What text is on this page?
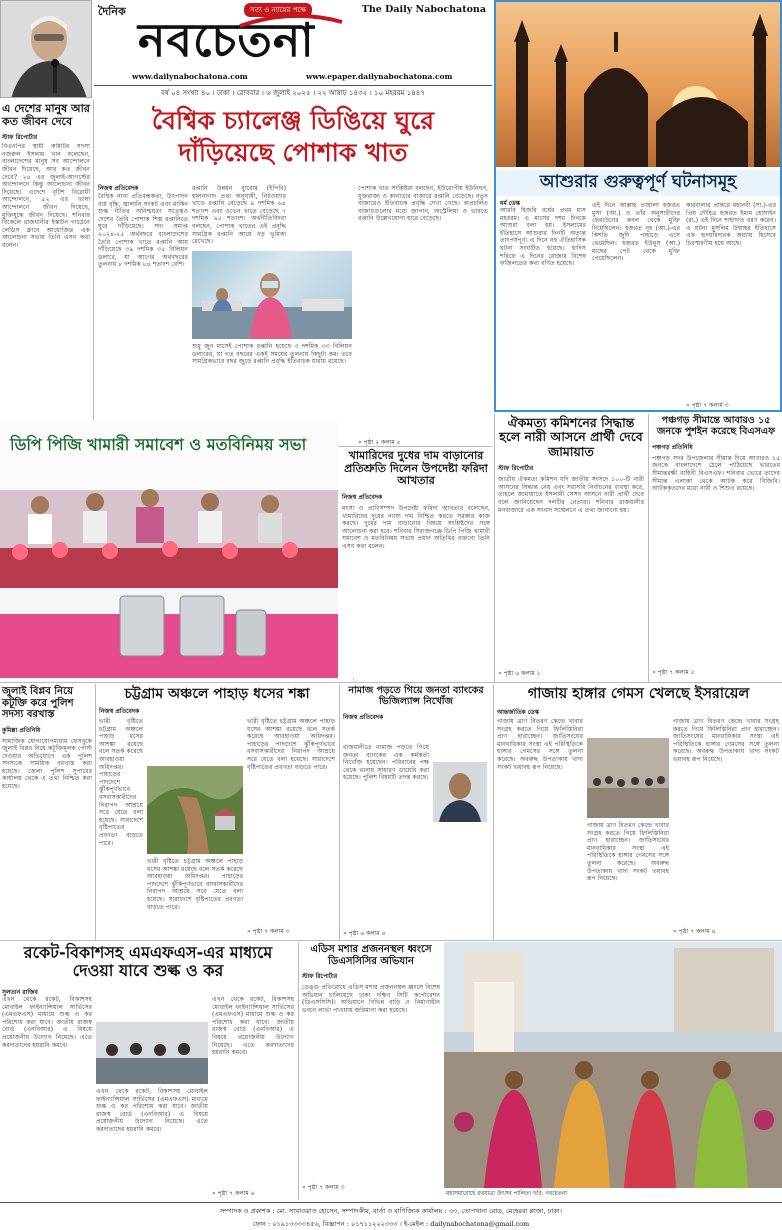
দৈনিক	সত্য ও ন্যায়ের পক্ষে	The Daily Nabochatona
নবচেতনা
www.dailynabochatona.com	www.epaper.dailynabochatona.com
বর্ষ ০৪ সংখ্যা ৪০ । ঢাকা । রোববার । ৬ জুলাই ২০২৫ । ২২ আষাঢ় ১৪৩২ । ১০ মহররম ১৪৪৭
এ দেশের মানুষ আর কত জীবন দেবে
স্টাফ রিপোর্টার
বিএনপির স্থায়ী কমিটির সদস্য নজরুল ইসলাম খান বলেছেন, বাংলাদেশের মানুষ সব আন্দোলনে জীবন দিয়েছে, আর কত জীবন দেবে? ২৪ এর জুলাই-আগস্টের আন্দোলনে কিন্তু আলোচনা জীবন দিয়েছে। এদেশে বৃটিশ বিরোধী আন্দোলনে, ৫২ এর ভাষা আন্দোলনে জীবন দিয়েছে, মুক্তিযুদ্ধে জীবন দিয়েছে। শনিবার বিকেলে রাজধানীর ইস্কাটন গার্ডেনে লেডিস ক্লাবে আয়োজিত এক আলোচনা সভায় তিনি এসব কথা বলেন।
বৈশ্বিক চ্যালেঞ্জ ডিঙিয়ে ঘুরে দাঁড়িয়েছে পোশাক খাত
নিজস্ব প্রতিবেদক
বৈশ্বিক নানা প্রতিবন্ধকতা, উৎপাদন ব্যয় বৃদ্ধি, জ্বালানি সংকট এবং মার্কিন শুল্ক নীতির অনিশ্চয়তা সত্ত্বেও দেশের তৈরি পোশাক শিল্প রপ্তানিতে ঘুরে দাঁড়িয়েছে। সদ্য সমাপ্ত ২০২৪-২৫ অর্থবছরে বাংলাদেশের তৈরি পোশাক খাতে রপ্তানি আয় দাঁড়িয়েছে ৩৯ দশমিক ৩৫ বিলিয়ন ডলারে, যা আগের অর্থবছরের তুলনায় ৮ দশমিক ৮৪ শতাংশ বেশি।
রপ্তানি উন্নয়ন ব্যুরোর (ইপিবি) হালনাগাদ তথ্য অনুযায়ী, নিটওয়্যার খাতে রপ্তানি বেড়েছে ৯ দশমিক ৬৪ শতাংশ এবং ওভেন খাতে বেড়েছে ৭ দশমিক ৯৫ শতাংশ। অর্থনীতিবিদরা বলছেন, পোশাক খাতের এই প্রবৃদ্ধি সামগ্রিক রপ্তানি আয়ে বড় ভূমিকা রেখেছে।
শুধু জুন মাসেই পোশাক রপ্তানি হয়েছে ৩ দশমিক ৩৩ বিলিয়ন ডলারের, যা গত বছরের একই সময়ের তুলনায় কিছুটা কম। তবে সামগ্রিকভাবে বছর জুড়ে রপ্তানি প্রবৃদ্ধি ইতিবাচক ধারায় রয়েছে।
পোশাক খাত সংশ্লিষ্টরা বলছেন, ইউরোপীয় ইউনিয়ন, যুক্তরাজ্য ও কানাডার বাজারে রপ্তানি বেড়েছে। নতুন বাজারেও ইতিবাচক প্রবৃদ্ধি দেখা গেছে। অপ্রচলিত বাজারগুলোর মধ্যে জাপান, অস্ট্রেলিয়া ও ভারতে রপ্তানি উল্লেখযোগ্য হারে বেড়েছে।
» পৃষ্ঠা ২ কলাম ৫
আশুরার গুরুত্বপূর্ণ ঘটনাসমূহ
ধর্ম ডেস্ক
আরবি হিজরি বর্ষের প্রথম মাস মহররম। এ মাসের দশম দিনকে আশুরা বলা হয়। ইসলামের ইতিহাসে আশুরার দিনটি অত্যন্ত তাৎপর্যপূর্ণ। এ দিনে বহু ঐতিহাসিক ঘটনা সংঘটিত হয়েছে। হাদিস শরিফে এ দিনের রোজার বিশেষ ফজিলতের কথা বর্ণিত হয়েছে।
এই দিনে আল্লাহ তায়ালা হজরত মুসা (আ.) ও তাঁর অনুসারীদের ফেরাউনের কবল থেকে মুক্তি দিয়েছিলেন। হজরত নূহ (আ.)-এর কিশতি জুদি পাহাড়ে এসে থেমেছিল। হজরত ইউনুস (আ.) মাছের পেট থেকে মুক্তি পেয়েছিলেন।
কারবালার প্রান্তরে মহানবী (সা.)-এর প্রিয় দৌহিত্র হজরত ইমাম হোসাইন (রা.) এই দিনে শাহাদাত বরণ করেন। এ ঘটনা মুসলিম উম্মাহর ইতিহাসে এক হৃদয়বিদারক অধ্যায় হিসেবে চিরস্মরণীয় হয়ে আছে।
» পৃষ্ঠা ৭ কলাম ৩
ডিপি পিজি খামারী সমাবেশ ও মতবিনিময় সভা
খামারিদের দুধের দাম বাড়ানোর প্রতিশ্রুতি দিলেন উপদেষ্টা ফরিদা আখতার
নিজস্ব প্রতিবেদক
মৎস্য ও প্রাণিসম্পদ উপদেষ্টা ফরিদা আখতার বলেছেন, খামারিদের দুধের ন্যায্য দাম নিশ্চিত করতে সরকার কাজ করছে। দুধের দাম বাড়ানোর বিষয়ে সংশ্লিষ্টদের সঙ্গে আলোচনা করা হবে। শনিবার সিরাজগঞ্জে ডিপি পিজি খামারী সমাবেশ ও মতবিনিময় সভায় প্রধান অতিথির বক্তব্যে তিনি এসব কথা বলেন।
ঐকমত্য কমিশনের সিদ্ধান্ত হলে নারী আসনে প্রার্থী দেবে জামায়াত
স্টাফ রিপোর্টার
জাতীয় ঐকমত্য কমিশন যদি জাতীয় সংসদে ১০০-টি নারী আসনের সিদ্ধান্ত নেয় এবং সরাসরি নির্বাচনের ব্যবস্থা করে, তাহলে জামায়াতে ইসলামী সেসব আসনে নারী প্রার্থী দেবে বলে জানিয়েছেন দলটির নেতারা। শনিবার রাজধানীর মগবাজারে এক সংবাদ সম্মেলনে এ তথ্য জানানো হয়।
» পৃষ্ঠা ৬ কলাম ১
পঞ্চগড় সীমান্তে আবারও ১৫ জনকে পুশইন করেছে বিএসএফ
পঞ্চগড় প্রতিনিধি
পঞ্চগড় সদর উপজেলার সীমান্ত দিয়ে আবারও ১৫ জনকে বাংলাদেশে ঠেলে পাঠিয়েছে ভারতের সীমান্তরক্ষী বাহিনী বিএসএফ। শনিবার ভোরে তাদের সীমান্ত এলাকা থেকে আটক করে বিজিবি। আটককৃতদের মধ্যে নারী ও শিশুও রয়েছে।
» পৃষ্ঠা ৭ কলাম ৫
জুলাই বিপ্লব নিয়ে কটূক্তি করে পুলিশ সদস্য বরখাস্ত
কুমিল্লা প্রতিনিধি
সামাজিক যোগাযোগমাধ্যম ফেসবুকে জুলাই বিপ্লব নিয়ে কটূক্তিমূলক পোস্ট দেওয়ার অভিযোগে এক পুলিশ সদস্যকে সাময়িক বরখাস্ত করা হয়েছে। জেলা পুলিশ সুপারের কার্যালয় থেকে এ তথ্য নিশ্চিত করা হয়েছে।
চট্টগ্রাম অঞ্চলে পাহাড় ধসের শঙ্কা
নিজস্ব প্রতিবেদক
ভারী বৃষ্টিতে চট্টগ্রাম অঞ্চলে পাহাড় ধসের আশঙ্কা রয়েছে বলে সতর্ক করেছে আবহাওয়া অধিদপ্তর। পাহাড়ের পাদদেশে ঝুঁকিপূর্ণভাবে বসবাসকারীদের নিরাপদ আশ্রয়ে সরে যেতে বলা হয়েছে। সারাদেশে বৃষ্টিপাতের প্রবণতা বাড়তে পারে।
ভারী বৃষ্টিতে চট্টগ্রাম অঞ্চলে পাহাড় ধসের আশঙ্কা রয়েছে বলে সতর্ক করেছে আবহাওয়া অধিদপ্তর। পাহাড়ের পাদদেশে ঝুঁকিপূর্ণভাবে বসবাসকারীদের নিরাপদ আশ্রয়ে সরে যেতে বলা হয়েছে। সারাদেশে বৃষ্টিপাতের প্রবণতা বাড়তে পারে।
ভারী বৃষ্টিতে চট্টগ্রাম অঞ্চলে পাহাড় ধসের আশঙ্কা রয়েছে বলে সতর্ক করেছে আবহাওয়া অধিদপ্তর। পাহাড়ের পাদদেশে ঝুঁকিপূর্ণভাবে বসবাসকারীদের নিরাপদ আশ্রয়ে সরে যেতে বলা হয়েছে। সারাদেশে বৃষ্টিপাতের প্রবণতা বাড়তে পারে।
» পৃষ্ঠা ৭ কলাম ৩
নামাজ পড়তে গিয়ে জনতা ব্যাংকের ভিজিল্যান্স নিখোঁজ
নিজস্ব প্রতিবেদক
রাজধানীতে নামাজ পড়তে গিয়ে জনতা ব্যাংকের এক কর্মকর্তা নিখোঁজ হয়েছেন। পরিবারের পক্ষ থেকে থানায় সাধারণ ডায়েরি করা হয়েছে। পুলিশ বিষয়টি তদন্ত করছে।
» পৃষ্ঠা ৬ কলাম ৪
গাজায় হাঙ্গার গেমস খেলছে ইসরায়েল
আন্তর্জাতিক ডেস্ক
গাজায় ত্রাণ বিতরণ কেন্দ্রে খাবার সংগ্রহ করতে গিয়ে ফিলিস্তিনিরা প্রাণ হারাচ্ছেন। জাতিসংঘের মানবাধিকার সংস্থা এই পরিস্থিতিকে হাঙ্গার গেমসের সঙ্গে তুলনা করেছে। অবরুদ্ধ উপত্যকায় খাদ্য সংকট ভয়াবহ রূপ নিয়েছে।
গাজায় ত্রাণ বিতরণ কেন্দ্রে খাবার সংগ্রহ করতে গিয়ে ফিলিস্তিনিরা প্রাণ হারাচ্ছেন। জাতিসংঘের মানবাধিকার সংস্থা এই পরিস্থিতিকে হাঙ্গার গেমসের সঙ্গে তুলনা করেছে। অবরুদ্ধ উপত্যকায় খাদ্য সংকট ভয়াবহ রূপ নিয়েছে।
গাজায় ত্রাণ বিতরণ কেন্দ্রে খাবার সংগ্রহ করতে গিয়ে ফিলিস্তিনিরা প্রাণ হারাচ্ছেন। জাতিসংঘের মানবাধিকার সংস্থা এই পরিস্থিতিকে হাঙ্গার গেমসের সঙ্গে তুলনা করেছে। অবরুদ্ধ উপত্যকায় খাদ্য সংকট ভয়াবহ রূপ নিয়েছে।
» পৃষ্ঠা ৭ কলাম ৪
রকেট-বিকাশসহ এমএফএস-এর মাধ্যমে দেওয়া যাবে শুল্ক ও কর
সুলতান রাজিব
এখন থেকে রকেট, বিকাশসহ মোবাইল ফাইন্যান্সিয়াল সার্ভিসের (এমএফএস) মাধ্যমে শুল্ক ও কর পরিশোধ করা যাবে। জাতীয় রাজস্ব বোর্ড (এনবিআর) এ বিষয়ে প্রয়োজনীয় উদ্যোগ নিয়েছে। এতে করদাতাদের হয়রানি কমবে।
এখন থেকে রকেট, বিকাশসহ মোবাইল ফাইন্যান্সিয়াল সার্ভিসের (এমএফএস) মাধ্যমে শুল্ক ও কর পরিশোধ করা যাবে। জাতীয় রাজস্ব বোর্ড (এনবিআর) এ বিষয়ে প্রয়োজনীয় উদ্যোগ নিয়েছে। এতে করদাতাদের হয়রানি কমবে।
এখন থেকে রকেট, বিকাশসহ মোবাইল ফাইন্যান্সিয়াল সার্ভিসের (এমএফএস) মাধ্যমে শুল্ক ও কর পরিশোধ করা যাবে। জাতীয় রাজস্ব বোর্ড (এনবিআর) এ বিষয়ে প্রয়োজনীয় উদ্যোগ নিয়েছে। এতে করদাতাদের হয়রানি কমবে।
» পৃষ্ঠা ৭ কলাম ৬
এডিস মশার প্রজননস্থল ধ্বংসে ডিএসসিসির অভিযান
স্টাফ রিপোর্টার
ডেঙ্গু প্রতিরোধে এডিস মশার প্রজননস্থল ধ্বংসে বিশেষ অভিযান চালিয়েছে ঢাকা দক্ষিণ সিটি কর্পোরেশন (ডিএসসিসি)। অভিযানে বিভিন্ন বাড়ি ও নির্মাণাধীন ভবনে লার্ভা পাওয়ায় জরিমানা করা হয়েছে।
» পৃষ্ঠা ৭ কলাম ৩
মহাসমারোহে রথযাত্রা উৎসব পালিত। ছবি: নবচেতনা
সম্পাদক ও প্রকাশক : মো. সাখাওয়াত হোসেন, সম্পাদকীয়, বার্তা ও বাণিজ্যিক কার্যালয় : ৩৩, তোপখানা রোড, মেহেরবা প্লাজা, ঢাকা।
ফোন : ০১৯১৩৩৩৩৪৫৬, বিজ্ঞাপন : ০১৭১১২২২৩৩৩ । ই-মেইল : dailynabochatona@gmail.com
